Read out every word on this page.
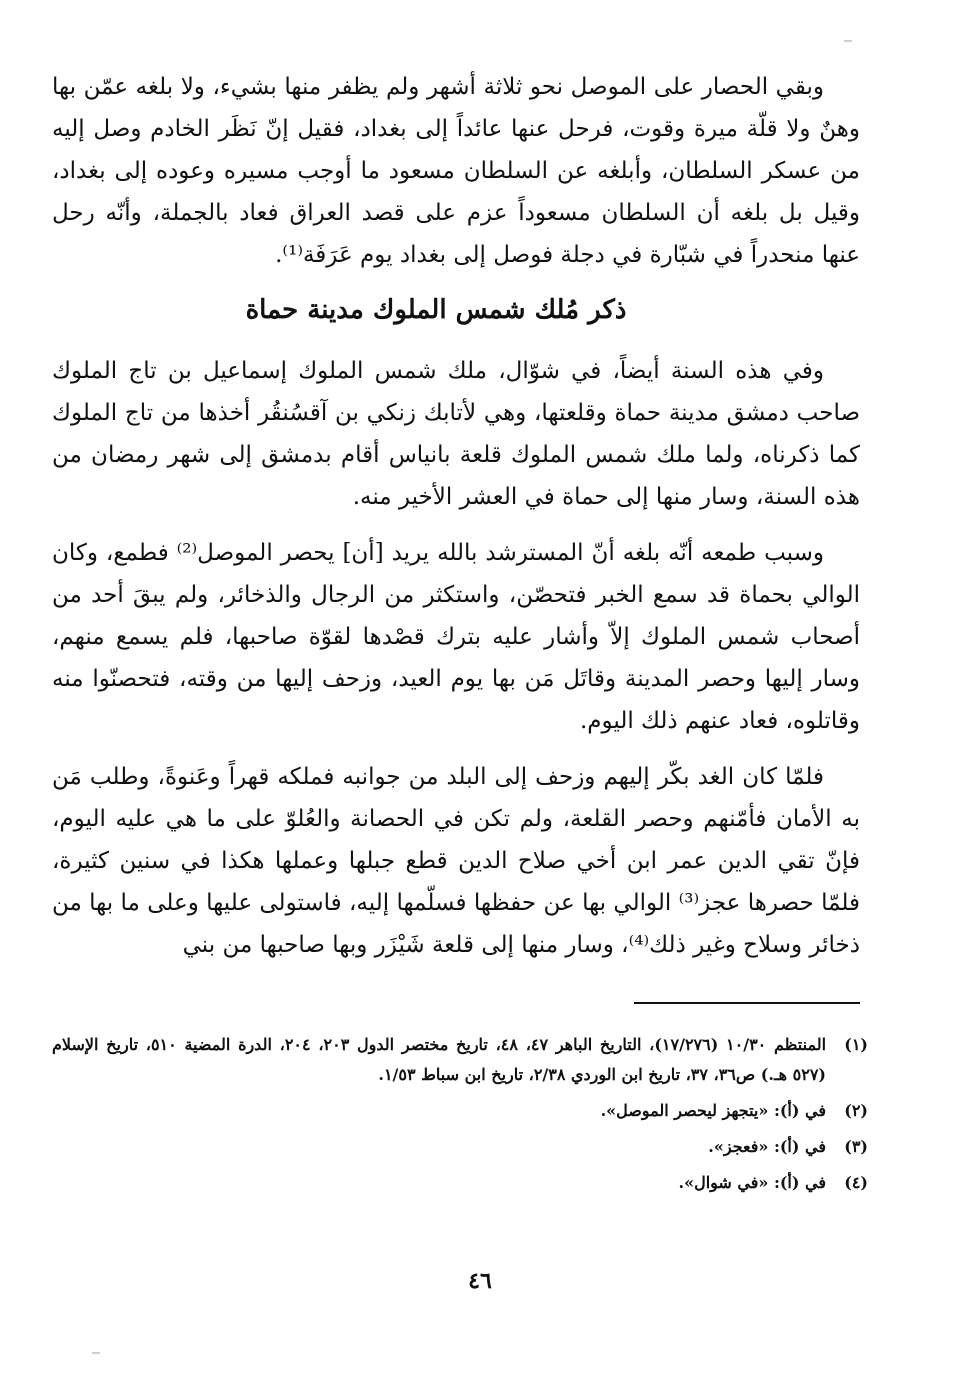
وبقي الحصار على الموصل نحو ثلاثة أشهر ولم يظفر منها بشيء، ولا بلغه عمّن بها وهنٌ ولا قلّة ميرة وقوت، فرحل عنها عائداً إلى بغداد، فقيل إنّ نَظَر الخادم وصل إليه من عسكر السلطان، وأبلغه عن السلطان مسعود ما أوجب مسيره وعوده إلى بغداد، وقيل بل بلغه أن السلطان مسعوداً عزم على قصد العراق فعاد بالجملة، وأنّه رحل عنها منحدراً في شبّارة في دجلة فوصل إلى بغداد يوم عَرَفَة⁽¹⁾.

ذكر مُلك شمس الملوك مدينة حماة

وفي هذه السنة أيضاً، في شوّال، ملك شمس الملوك إسماعيل بن تاج الملوك صاحب دمشق مدينة حماة وقلعتها، وهي لأتابك زنكي بن آقسُنقُر أخذها من تاج الملوك كما ذكرناه، ولما ملك شمس الملوك قلعة بانياس أقام بدمشق إلى شهر رمضان من هذه السنة، وسار منها إلى حماة في العشر الأخير منه.

وسبب طمعه أنّه بلغه أنّ المسترشد بالله يريد [أن] يحصر الموصل⁽²⁾ فطمع، وكان الوالي بحماة قد سمع الخبر فتحصّن، واستكثر من الرجال والذخائر، ولم يبقَ أحد من أصحاب شمس الملوك إلاّ وأشار عليه بترك قصْدها لقوّة صاحبها، فلم يسمع منهم، وسار إليها وحصر المدينة وقاتَل مَن بها يوم العيد، وزحف إليها من وقته، فتحصنّوا منه وقاتلوه، فعاد عنهم ذلك اليوم.

فلمّا كان الغد بكّر إليهم وزحف إلى البلد من جوانبه فملكه قهراً وعَنوةً، وطلب مَن به الأمان فأمّنهم وحصر القلعة، ولم تكن في الحصانة والعُلوّ على ما هي عليه اليوم، فإنّ تقي الدين عمر ابن أخي صلاح الدين قطع جبلها وعملها هكذا في سنين كثيرة، فلمّا حصرها عجز⁽³⁾ الوالي بها عن حفظها فسلّمها إليه، فاستولى عليها وعلى ما بها من ذخائر وسلاح وغير ذلك⁽⁴⁾، وسار منها إلى قلعة شَيْزَر وبها صاحبها من بني

(١)
المنتظم ١٠/٣٠ (١٧/٢٧٦)، التاريخ الباهر ٤٧، ٤٨، تاريخ مختصر الدول ٢٠٣، ٢٠٤، الدرة المضية ٥١٠، تاريخ الإسلام (٥٢٧ هـ.) ص٣٦، ٣٧، تاريخ ابن الوردي ٢/٣٨، تاريخ ابن سباط ١/٥٣.
(٢)
في (أ): «يتجهز ليحصر الموصل».
(٣)
في (أ): «فعجز».
(٤)
في (أ): «في شوال».
٤٦
